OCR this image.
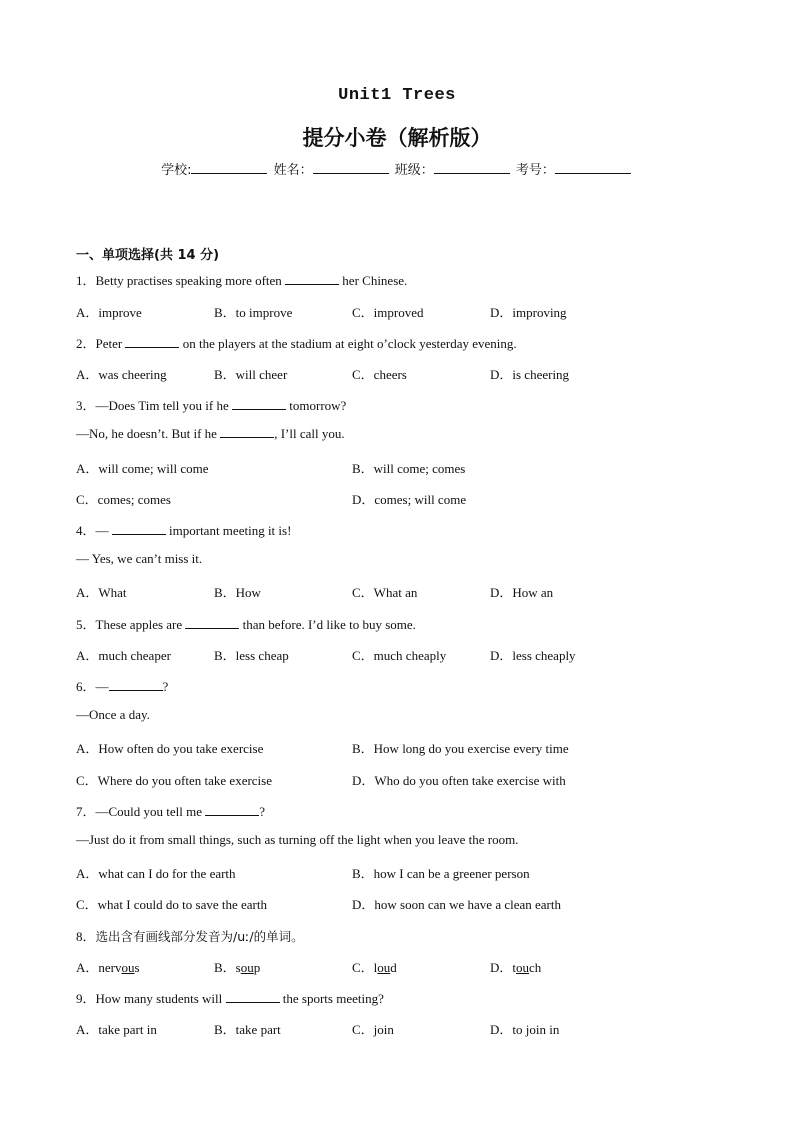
Unit1 Trees
提分小卷（解析版）
学校:	姓名：	班级：	考号：
一、单项选择(共 14 分)
1．Betty practises speaking more often	her Chinese.
A．improve	B．to improve	C．improved	D．improving
2．Peter	on the players at the stadium at eight o’clock yesterday evening.
A．was cheering	B．will cheer	C．cheers	D．is cheering
3．—Does Tim tell you if he	tomorrow?
—No, he doesn’t. But if he	, I’ll call you.
A．will come; will come	B．will come; comes
C．comes; comes	D．comes; will come
4．—	important meeting it is!
— Yes, we can’t miss it.
A．What	B．How	C．What an	D．How an
5．These apples are	than before. I’d like to buy some.
A．much cheaper	B．less cheap	C．much cheaply	D．less cheaply
6．—	?
—Once a day.
A．How often do you take exercise	B．How long do you exercise every time
C．Where do you often take exercise	D．Who do you often take exercise with
7．—Could you tell me	?
—Just do it from small things, such as turning off the light when you leave the room.
A．what can I do for the earth	B．how I can be a greener person
C．what I could do to save the earth	D．how soon can we have a clean earth
8．选出含有画线部分发音为/uː/的单词。
A．nervous	B．soup	C．loud	D．touch
9．How many students will	the sports meeting?
A．take part in	B．take part	C．join	D．to join in
